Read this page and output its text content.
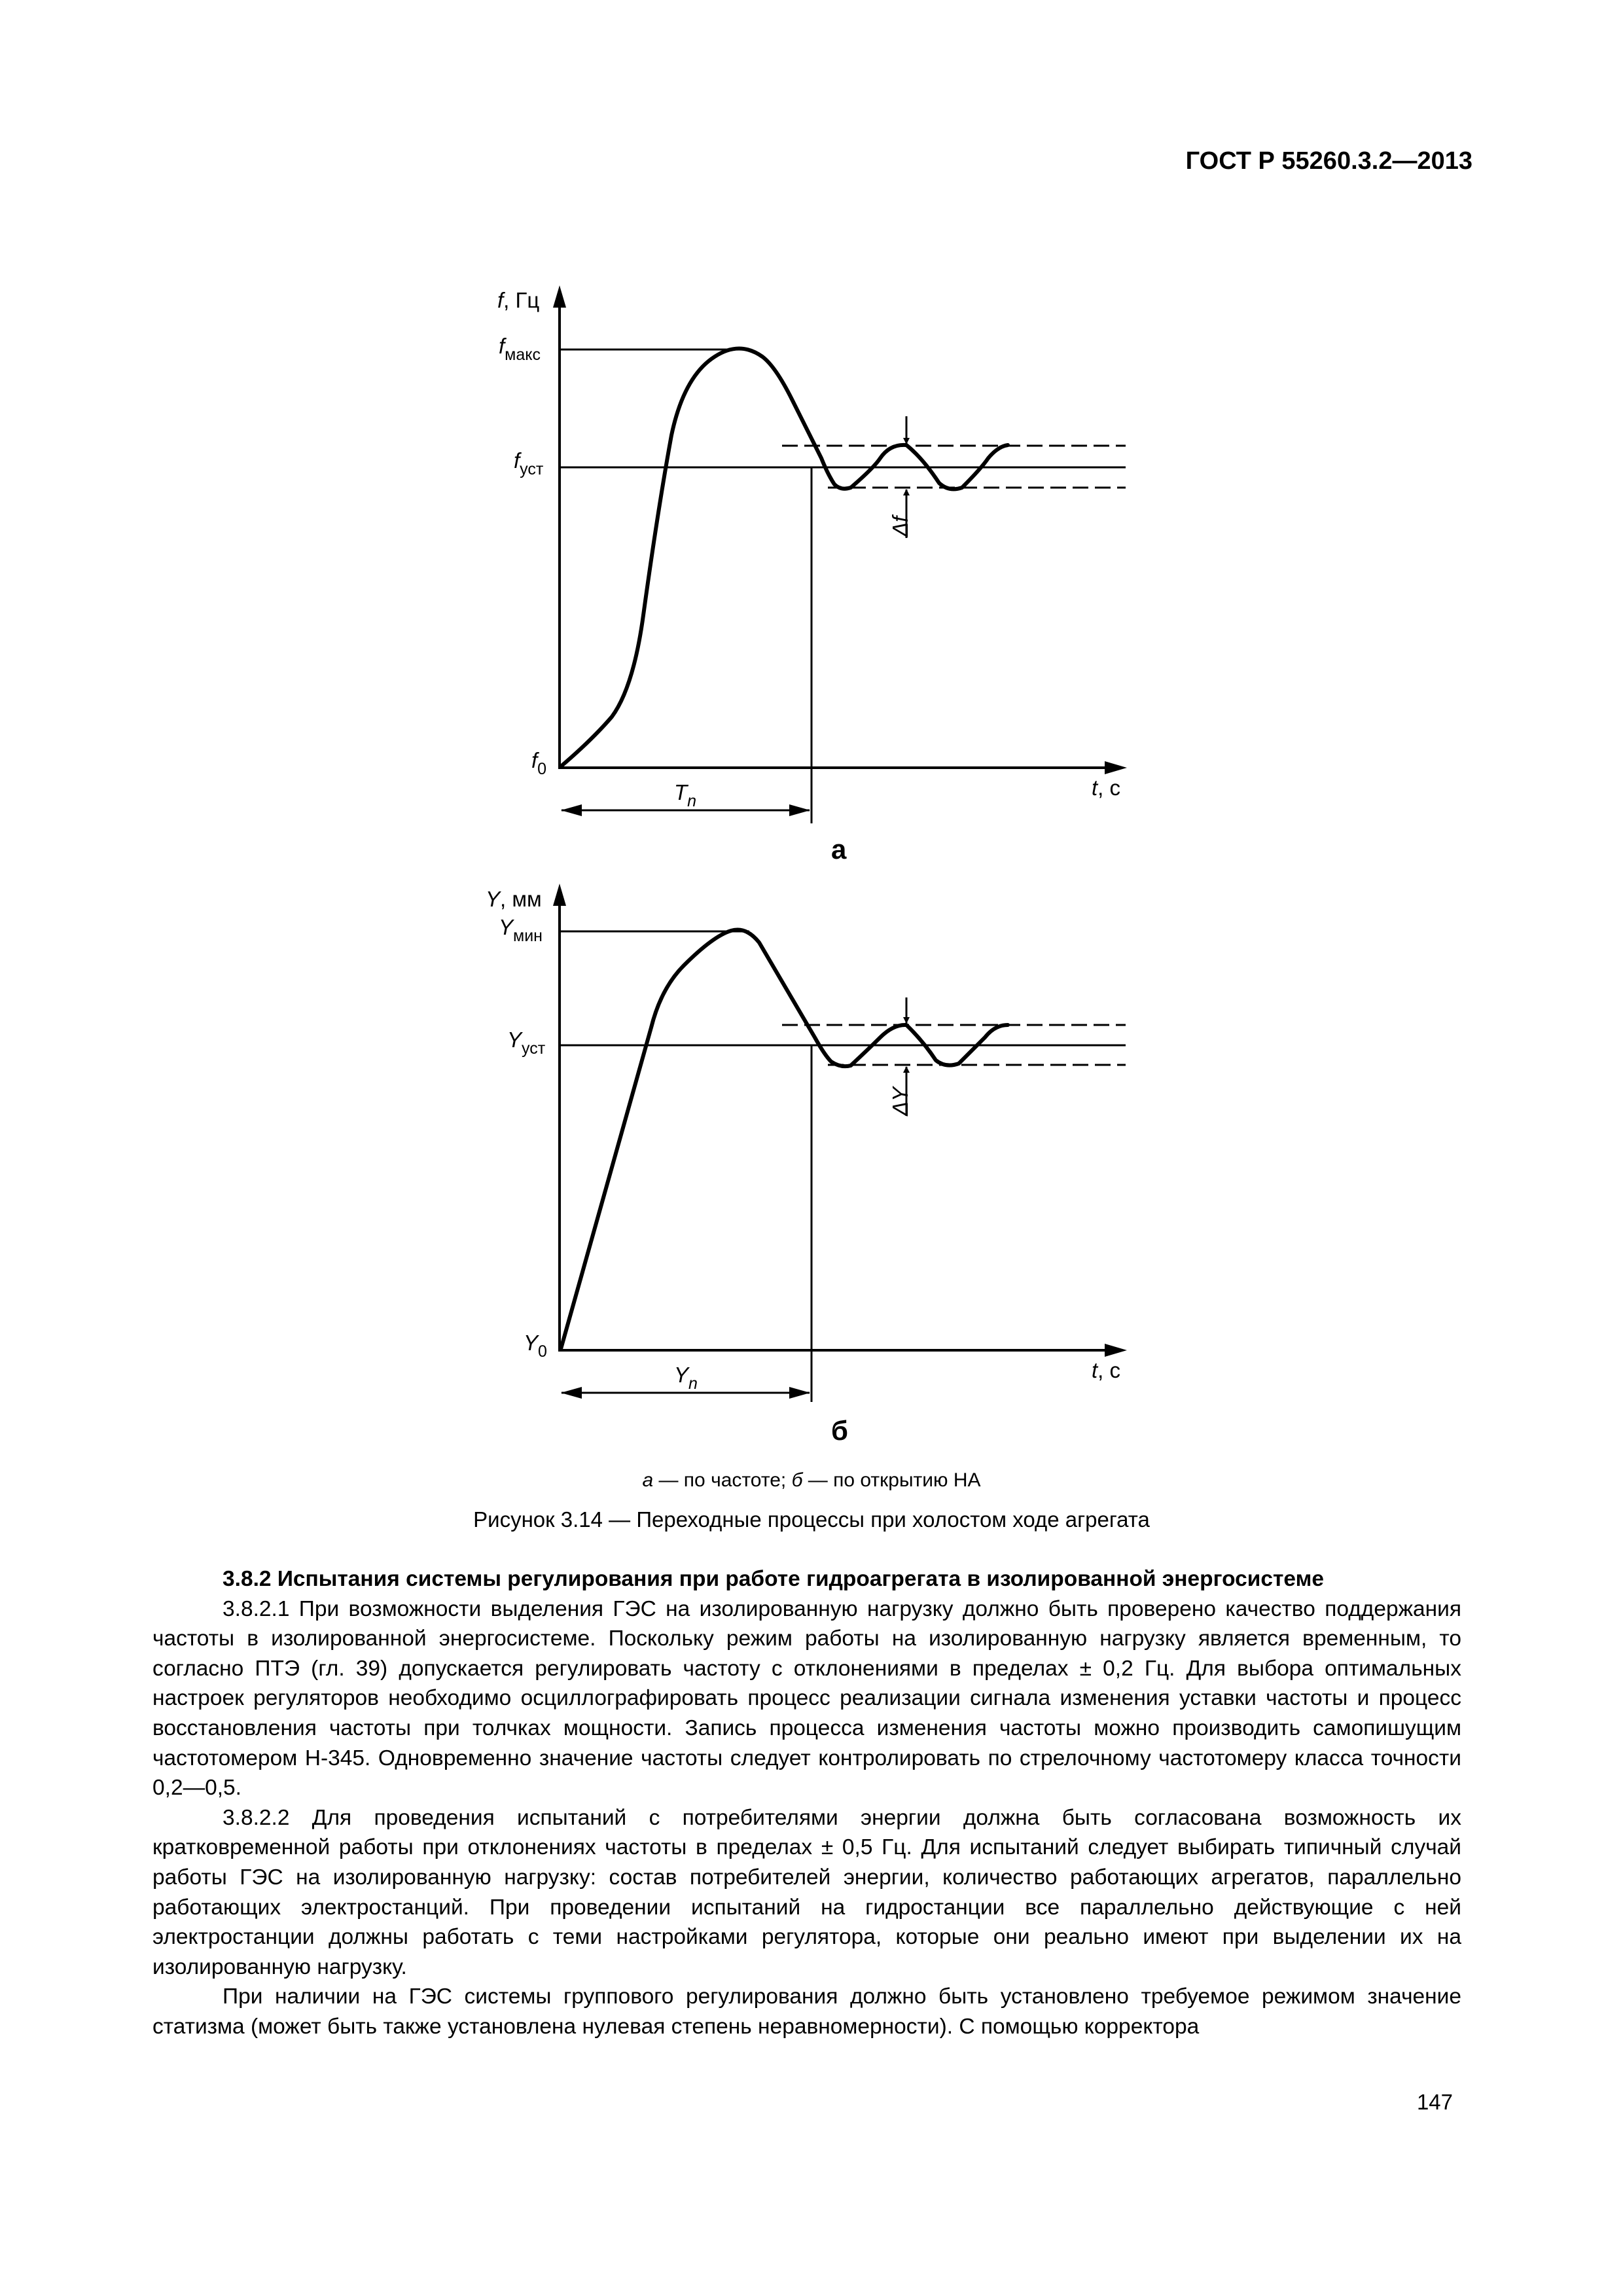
ГОСТ Р 55260.3.2—2013
f, Гц
$f_{макс}$
$f_{уст}$
$f_0$
$T_n$
t, c
Δf
a
Y, мм
$Y_{мин}$
$Y_{уст}$
$Y_0$
$Y_n$
t, c
ΔY
б
а — по частоте; б — по открытию НА
Рисунок 3.14 — Переходные процессы при холостом ходе агрегата

3.8.2 Испытания системы регулирования при работе гидроагрегата в изолированной энергосистеме

3.8.2.1 При возможности выделения ГЭС на изолированную нагрузку должно быть проверено качество поддержания частоты в изолированной энергосистеме. Поскольку режим работы на изолированную нагрузку является временным, то согласно ПТЭ (гл. 39) допускается регулировать частоту с отклонениями в пределах ± 0,2 Гц. Для выбора оптимальных настроек регуляторов необходимо осциллографировать процесс реализации сигнала изменения уставки частоты и процесс восстановления частоты при толчках мощности. Запись процесса изменения частоты можно производить самопишущим частотомером Н-345. Одновременно значение частоты следует контролировать по стрелочному частотомеру класса точности 0,2—0,5.

3.8.2.2 Для проведения испытаний с потребителями энергии должна быть согласована возможность их кратковременной работы при отклонениях частоты в пределах ± 0,5 Гц. Для испытаний следует выбирать типичный случай работы ГЭС на изолированную нагрузку: состав потребителей энергии, количество работающих агрегатов, параллельно работающих электростанций. При проведении испытаний на гидростанции все параллельно действующие с ней электростанции должны работать с теми настройками регулятора, которые они реально имеют при выделении их на изолированную нагрузку.

При наличии на ГЭС системы группового регулирования должно быть установлено требуемое режимом значение статизма (может быть также установлена нулевая степень неравномерности). С помощью корректора

147
